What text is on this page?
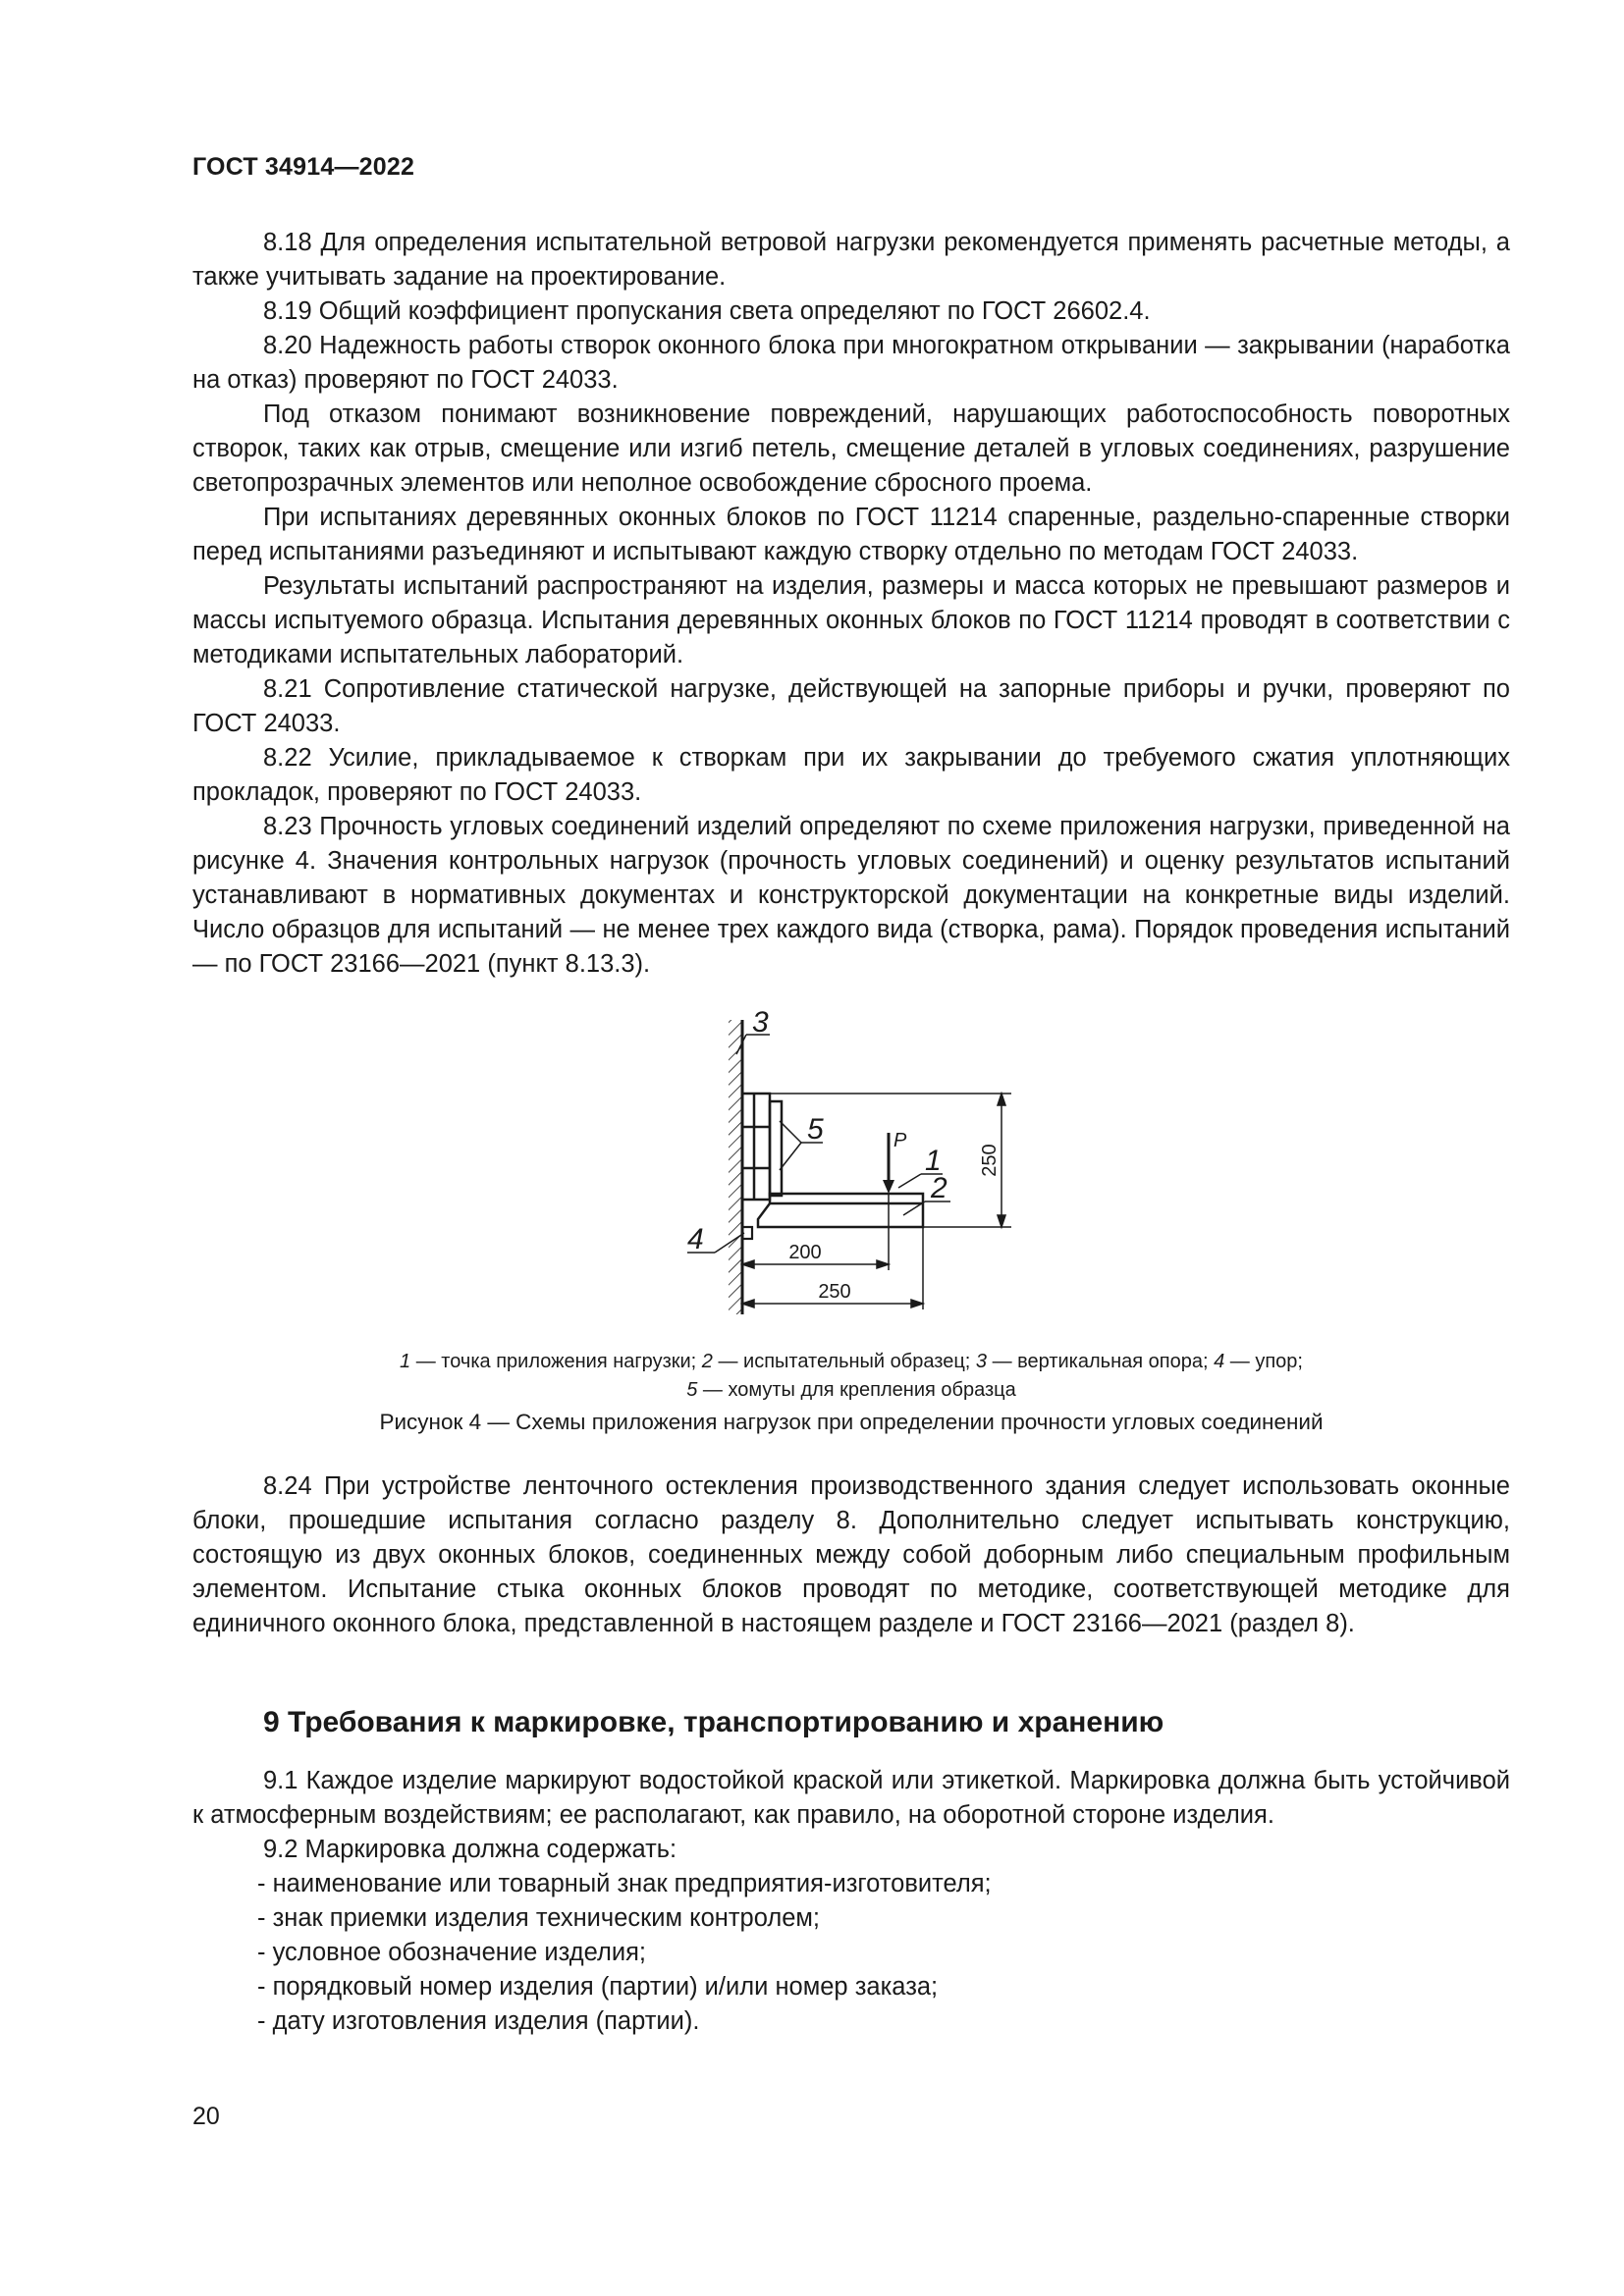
ГОСТ 34914—2022

8.18 Для определения испытательной ветровой нагрузки рекомендуется применять расчетные методы, а также учитывать задание на проектирование.

8.19 Общий коэффициент пропускания света определяют по ГОСТ 26602.4.

8.20 Надежность работы створок оконного блока при многократном открывании — закрывании (наработка на отказ) проверяют по ГОСТ 24033.

Под отказом понимают возникновение повреждений, нарушающих работоспособность поворотных створок, таких как отрыв, смещение или изгиб петель, смещение деталей в угловых соединениях, разрушение светопрозрачных элементов или неполное освобождение сбросного проема.

При испытаниях деревянных оконных блоков по ГОСТ 11214 спаренные, раздельно-спаренные створки перед испытаниями разъединяют и испытывают каждую створку отдельно по методам ГОСТ 24033.

Результаты испытаний распространяют на изделия, размеры и масса которых не превышают размеров и массы испытуемого образца. Испытания деревянных оконных блоков по ГОСТ 11214 проводят в соответствии с методиками испытательных лабораторий.

8.21 Сопротивление статической нагрузке, действующей на запорные приборы и ручки, проверяют по ГОСТ 24033.

8.22 Усилие, прикладываемое к створкам при их закрывании до требуемого сжатия уплотняющих прокладок, проверяют по ГОСТ 24033.

8.23 Прочность угловых соединений изделий определяют по схеме приложения нагрузки, приведенной на рисунке 4. Значения контрольных нагрузок (прочность угловых соединений) и оценку результатов испытаний устанавливают в нормативных документах и конструкторской документации на конкретные виды изделий. Число образцов для испытаний — не менее трех каждого вида (створка, рама). Порядок проведения испытаний — по ГОСТ 23166—2021 (пункт 8.13.3).

3
5	P
1
2
4	200
250
250
1 — точка приложения нагрузки; 2 — испытательный образец; 3 — вертикальная опора; 4 — упор;
5 — хомуты для крепления образца
Рисунок 4 — Схемы приложения нагрузок при определении прочности угловых соединений

8.24 При устройстве ленточного остекления производственного здания следует использовать оконные блоки, прошедшие испытания согласно разделу 8. Дополнительно следует испытывать конструкцию, состоящую из двух оконных блоков, соединенных между собой доборным либо специальным профильным элементом. Испытание стыка оконных блоков проводят по методике, соответствующей методике для единичного оконного блока, представленной в настоящем разделе и ГОСТ 23166—2021 (раздел 8).

9 Требования к маркировке, транспортированию и хранению

9.1 Каждое изделие маркируют водостойкой краской или этикеткой. Маркировка должна быть устойчивой к атмосферным воздействиям; ее располагают, как правило, на оборотной стороне изделия.

9.2 Маркировка должна содержать:

- наименование или товарный знак предприятия-изготовителя;
- знак приемки изделия техническим контролем;
- условное обозначение изделия;
- порядковый номер изделия (партии) и/или номер заказа;
- дату изготовления изделия (партии).
20
